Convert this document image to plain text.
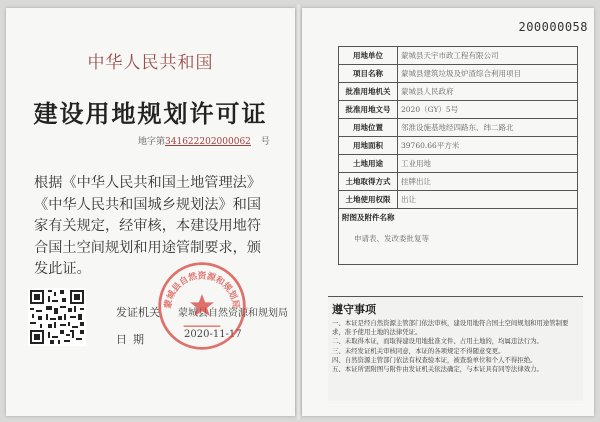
中华人民共和国
建设用地规划许可证
地字第341622202000062 号
根据《中华人民共和国土地管理法》《中华人民共和国城乡规划法》和国家有关规定，经审核，本建设用地符合国土空间规划和用途管制要求，颁发此证。
发证机关 蒙城县自然资源和规划局
日期	2020-11-17
蒙城县自然资源和规划局
200000058
用地单位	蒙城县天宇市政工程有限公司
项目名称	蒙城县建筑垃圾及炉渣综合利用项目
批准用地机关	蒙城县人民政府
批准用地文号	2020（GY）5号
用地位置	邻淮设施基地经四路东、纬二路北
用地面积	39760.66平方米
土地用途	工业用地
土地取得方式	挂牌出让
土地使用权限	出让

附图及附件名称
申请表、发改委批复等	
遵守事项
一、本证是经自然资源主管部门依法审核，建设用地符合国土空间规划和用途管制要求，准予使用土地的法律凭证。
二、未取得本证，而取得建设用地批准文件、占用土地的，均属违法行为。
三、未经发证机关审核同意，本证的各项规定不得随意变更。
四、自然资源主管部门依法有权查验本证，被查验单位和个人不得拒绝。
五、本证所需附图与附件由发证机关依法确定，与本证具有同等法律效力。
